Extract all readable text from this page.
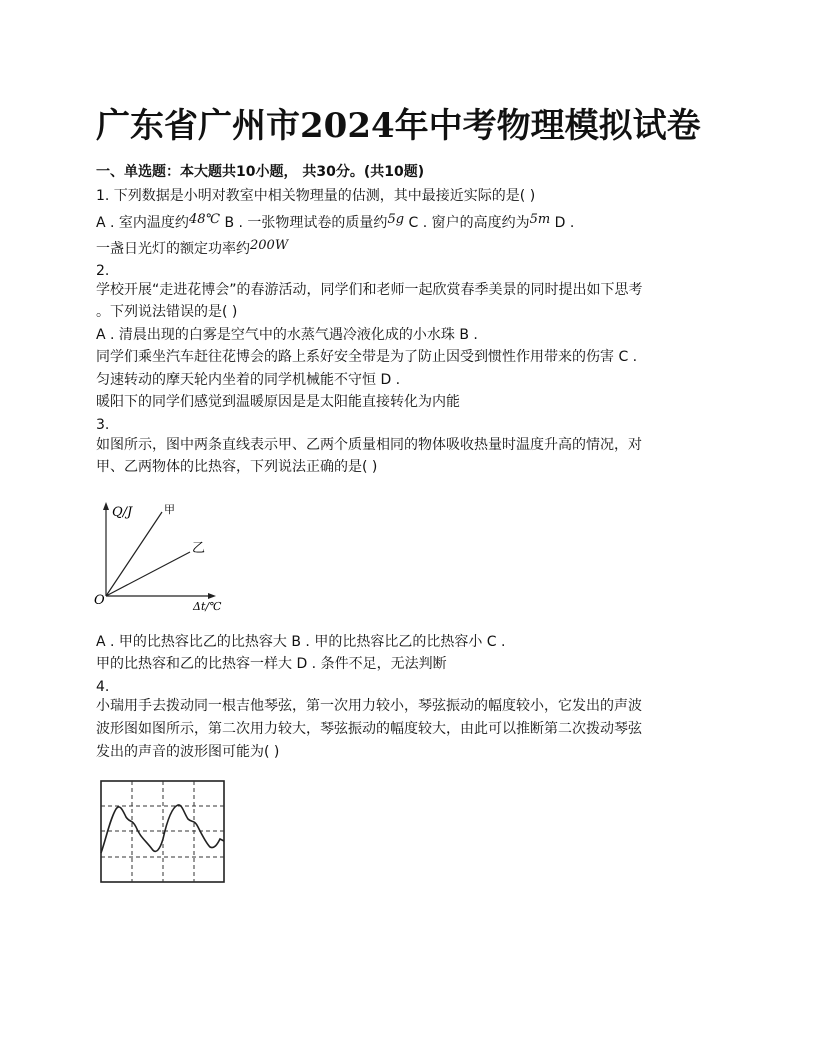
广东省广州市2024年中考物理模拟试卷
一、单选题：本大题共10小题， 共30分。(共10题)
1. 下列数据是小明对教室中相关物理量的估测，其中最接近实际的是( )
A . 室内温度约48℃ B . 一张物理试卷的质量约5g C . 窗户的高度约为5m D .
一盏日光灯的额定功率约200W
2.
学校开展“走进花博会”的春游活动，同学们和老师一起欣赏春季美景的同时提出如下思考
。下列说法错误的是( )
A . 清晨出现的白雾是空气中的水蒸气遇冷液化成的小水珠 B .
同学们乘坐汽车赶往花博会的路上系好安全带是为了防止因受到惯性作用带来的伤害 C .
匀速转动的摩天轮内坐着的同学机械能不守恒 D .
暖阳下的同学们感觉到温暖原因是是太阳能直接转化为内能
3.
如图所示，图中两条直线表示甲、乙两个质量相同的物体吸收热量时温度升高的情况，对
甲、乙两物体的比热容，下列说法正确的是( )
Q/J
Δt/℃
O
甲
乙
A . 甲的比热容比乙的比热容大 B . 甲的比热容比乙的比热容小 C .
甲的比热容和乙的比热容一样大 D . 条件不足，无法判断
4.
小瑞用手去拨动同一根吉他琴弦，第一次用力较小，琴弦振动的幅度较小，它发出的声波
波形图如图所示，第二次用力较大，琴弦振动的幅度较大，由此可以推断第二次拨动琴弦
发出的声音的波形图可能为( )
